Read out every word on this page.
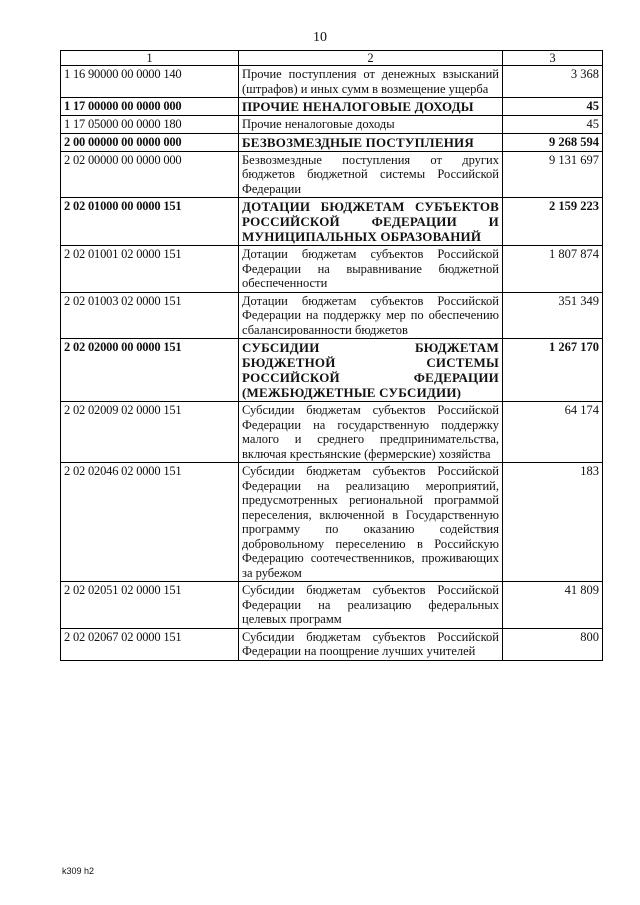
10
1	2	3
1 16 90000 00 0000 140	Прочие поступления от денежных взысканий (штрафов) и иных сумм в возмещение ущерба	3 368
1 17 00000 00 0000 000	ПРОЧИЕ НЕНАЛОГОВЫЕ ДОХОДЫ	45
1 17 05000 00 0000 180	Прочие неналоговые доходы	45
2 00 00000 00 0000 000	БЕЗВОЗМЕЗДНЫЕ ПОСТУПЛЕНИЯ	9 268 594
2 02 00000 00 0000 000	Безвозмездные поступления от других бюджетов бюджетной системы Российской Федерации	9 131 697
2 02 01000 00 0000 151	ДОТАЦИИ БЮДЖЕТАМ СУБЪЕКТОВ РОССИЙСКОЙ ФЕДЕРАЦИИ И МУНИЦИПАЛЬНЫХ ОБРАЗОВАНИЙ	2 159 223
2 02 01001 02 0000 151	Дотации бюджетам субъектов Российской Федерации на выравнивание бюджетной обеспеченности	1 807 874
2 02 01003 02 0000 151	Дотации бюджетам субъектов Российской Федерации на поддержку мер по обеспечению сбалансированности бюджетов	351 349
2 02 02000 00 0000 151	СУБСИДИИ БЮДЖЕТАМ БЮДЖЕТНОЙ СИСТЕМЫ РОССИЙСКОЙ ФЕДЕРАЦИИ (МЕЖБЮДЖЕТНЫЕ СУБСИДИИ)	1 267 170
2 02 02009 02 0000 151	Субсидии бюджетам субъектов Российской Федерации на государственную поддержку малого и среднего предпринимательства, включая крестьянские (фермерские) хозяйства	64 174
2 02 02046 02 0000 151	Субсидии бюджетам субъектов Российской Федерации на реализацию мероприятий, предусмотренных региональной программой переселения, включенной в Государственную программу по оказанию содействия добровольному переселению в Российскую Федерацию соотечественников, проживающих за рубежом	183
2 02 02051 02 0000 151	Субсидии бюджетам субъектов Российской Федерации на реализацию федеральных целевых программ	41 809
2 02 02067 02 0000 151	Субсидии бюджетам субъектов Российской Федерации на поощрение лучших учителей	800
k309 h2
